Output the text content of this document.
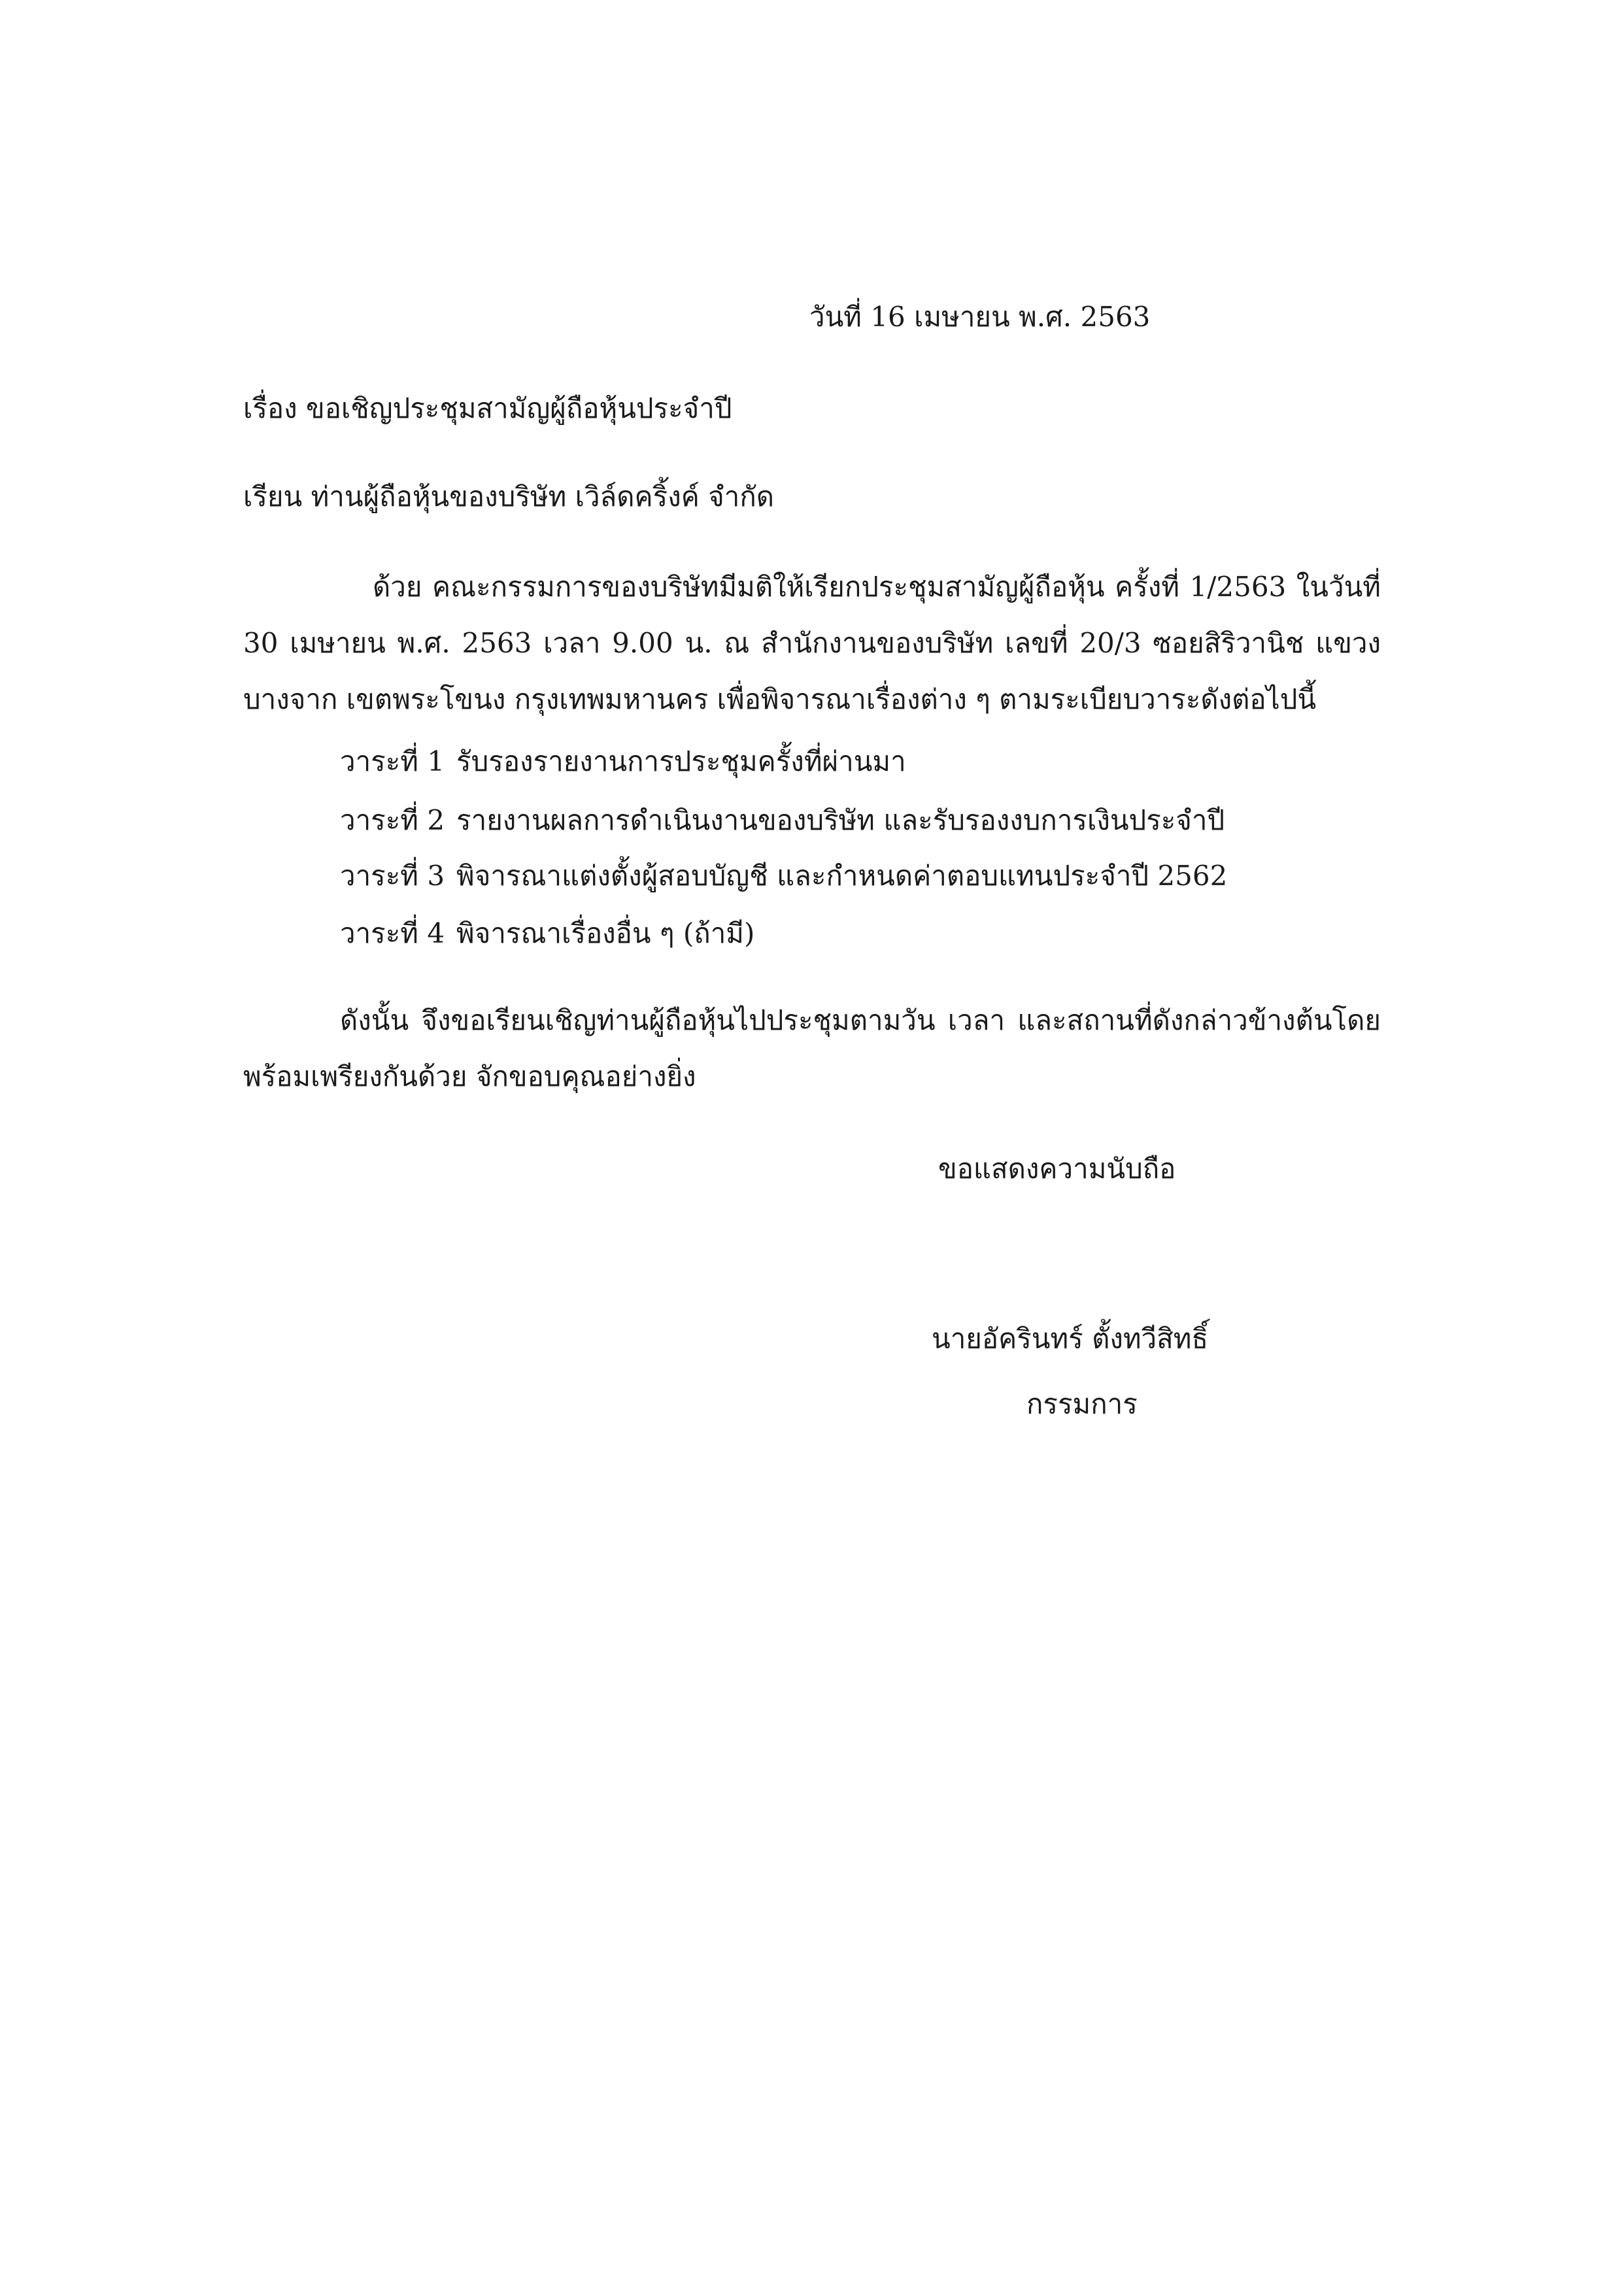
วันที่ 16 เมษายน พ.ศ. 2563
เรื่อง ขอเชิญประชุมสามัญผู้ถือหุ้นประจำปี
เรียน ท่านผู้ถือหุ้นของบริษัท เวิล์ดคริ้งค์ จำกัด
ด้วย คณะกรรมการของบริษัทมีมติให้เรียกประชุมสามัญผู้ถือหุ้น ครั้งที่ 1/2563 ในวันที่ 30 เมษายน พ.ศ. 2563 เวลา 9.00 น. ณ สำนักงานของบริษัท เลขที่ 20/3 ซอยสิริวานิช แขวงบางจาก เขตพระโขนง กรุงเทพมหานคร เพื่อพิจารณาเรื่องต่าง ๆ ตามระเบียบวาระดังต่อไปนี้
วาระที่ 1 รับรองรายงานการประชุมครั้งที่ผ่านมา
วาระที่ 2 รายงานผลการดำเนินงานของบริษัท และรับรองงบการเงินประจำปี
วาระที่ 3 พิจารณาแต่งตั้งผู้สอบบัญชี และกำหนดค่าตอบแทนประจำปี 2562
วาระที่ 4 พิจารณาเรื่องอื่น ๆ (ถ้ามี)
ดังนั้น จึงขอเรียนเชิญท่านผู้ถือหุ้นไปประชุมตามวัน เวลา และสถานที่ดังกล่าวข้างต้นโดยพร้อมเพรียงกันด้วย จักขอบคุณอย่างยิ่ง
ขอแสดงความนับถือ
นายอัครินทร์ ตั้งทวีสิทธิ์
กรรมการ
